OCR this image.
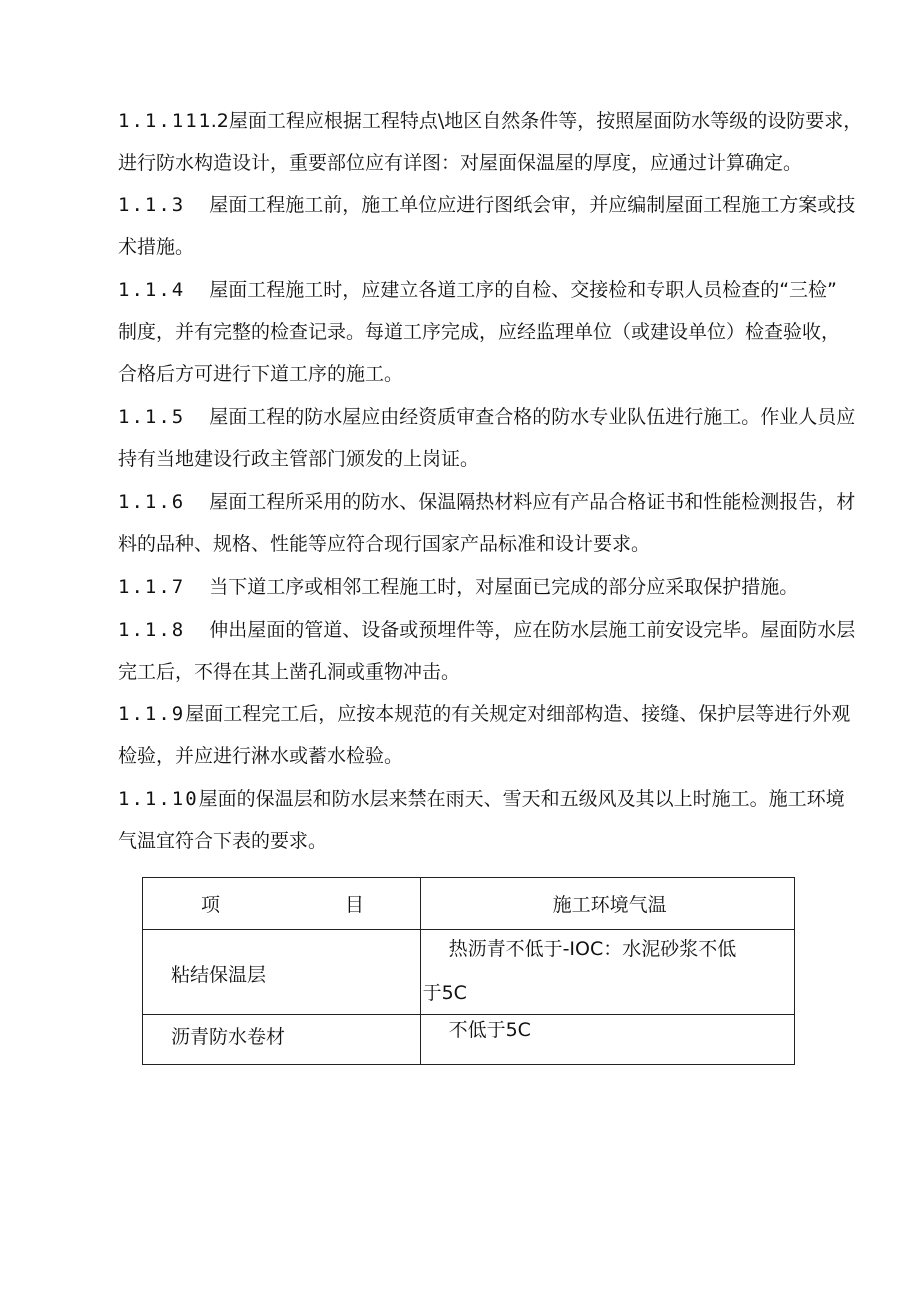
1.1.111.2屋面工程应根据工程特点\地区自然条件等，按照屋面防水等级的设防要求，
进行防水构造设计，重要部位应有详图：对屋面保温屋的厚度，应通过计算确定。

1.1.3 屋面工程施工前，施工单位应进行图纸会审，并应编制屋面工程施工方案或技
术措施。

1.1.4 屋面工程施工时，应建立各道工序的自检、交接检和专职人员检查的“三检”
制度，并有完整的检查记录。每道工序完成，应经监理单位（或建设单位）检查验收，
合格后方可进行下道工序的施工。

1.1.5 屋面工程的防水屋应由经资质审查合格的防水专业队伍进行施工。作业人员应
持有当地建设行政主管部门颁发的上岗证。

1.1.6 屋面工程所采用的防水、保温隔热材料应有产品合格证书和性能检测报告，材
料的品种、规格、性能等应符合现行国家产品标准和设计要求。

1.1.7 当下道工序或相邻工程施工时，对屋面已完成的部分应采取保护措施。

1.1.8 伸出屋面的管道、设备或预埋件等，应在防水层施工前安设完毕。屋面防水层
完工后，不得在其上凿孔洞或重物冲击。

1.1.9屋面工程完工后，应按本规范的有关规定对细部构造、接缝、保护层等进行外观
检验，并应进行淋水或蓄水检验。

1.1.10屋面的保温层和防水层来禁在雨天、雪天和五级风及其以上时施工。施工环境
气温宜符合下表的要求。

项 目	施工环境气温

粘结保温层	热沥青不低于-IOC：水泥砂浆不低
于5C

沥青防水卷材	不低于5C
